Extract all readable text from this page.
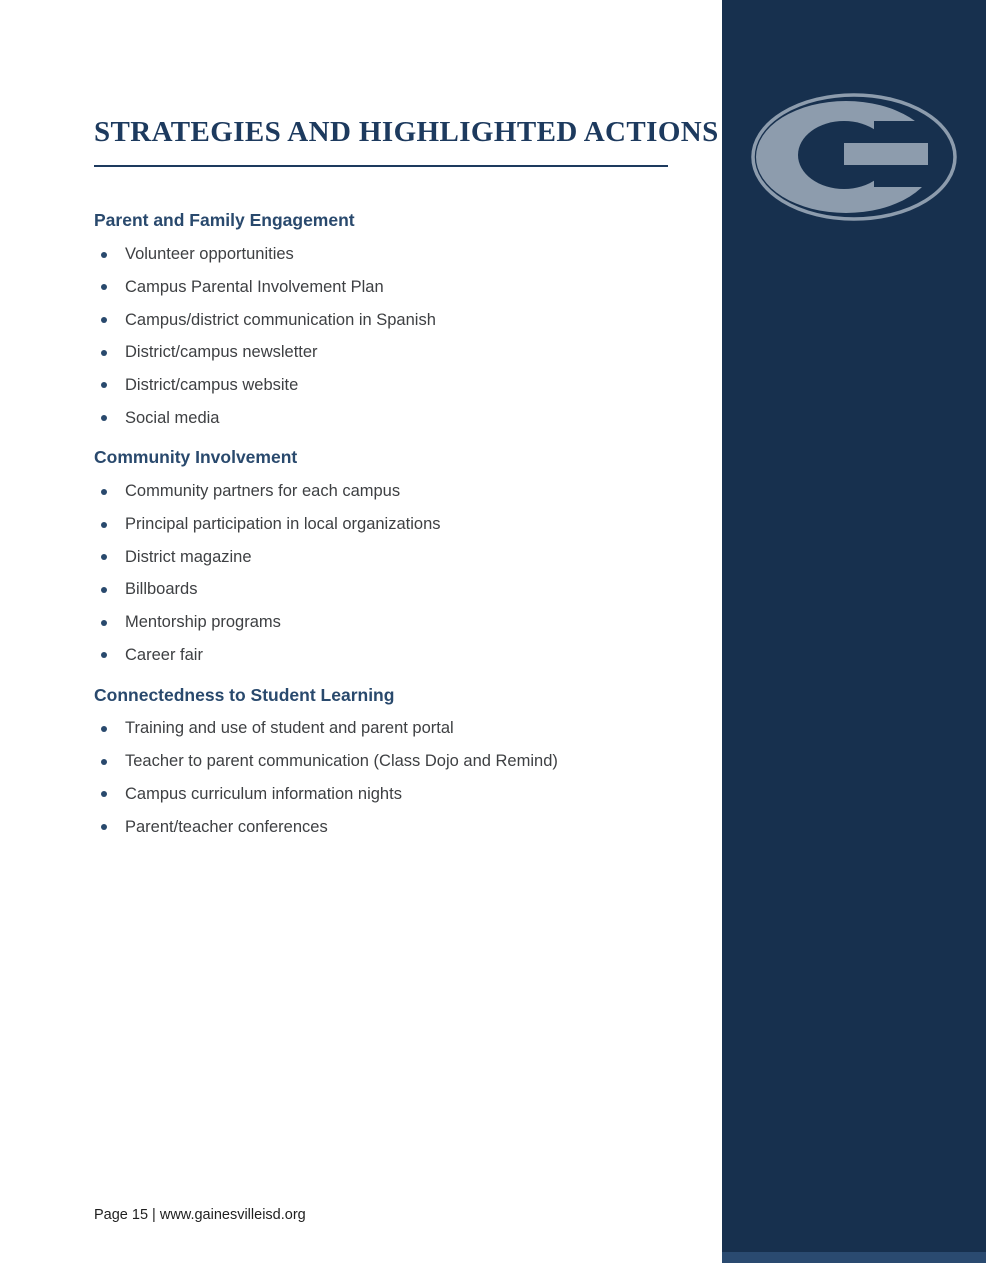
STRATEGIES AND HIGHLIGHTED ACTIONS
Parent and Family Engagement
Volunteer opportunities
Campus Parental Involvement Plan
Campus/district communication in Spanish
District/campus newsletter
District/campus website
Social media
Community Involvement
Community partners for each campus
Principal participation in local organizations
District magazine
Billboards
Mentorship programs
Career fair
Connectedness to Student Learning
Training and use of student and parent portal
Teacher to parent communication (Class Dojo and Remind)
Campus curriculum information nights
Parent/teacher conferences
Page 15 | www.gainesvilleisd.org
